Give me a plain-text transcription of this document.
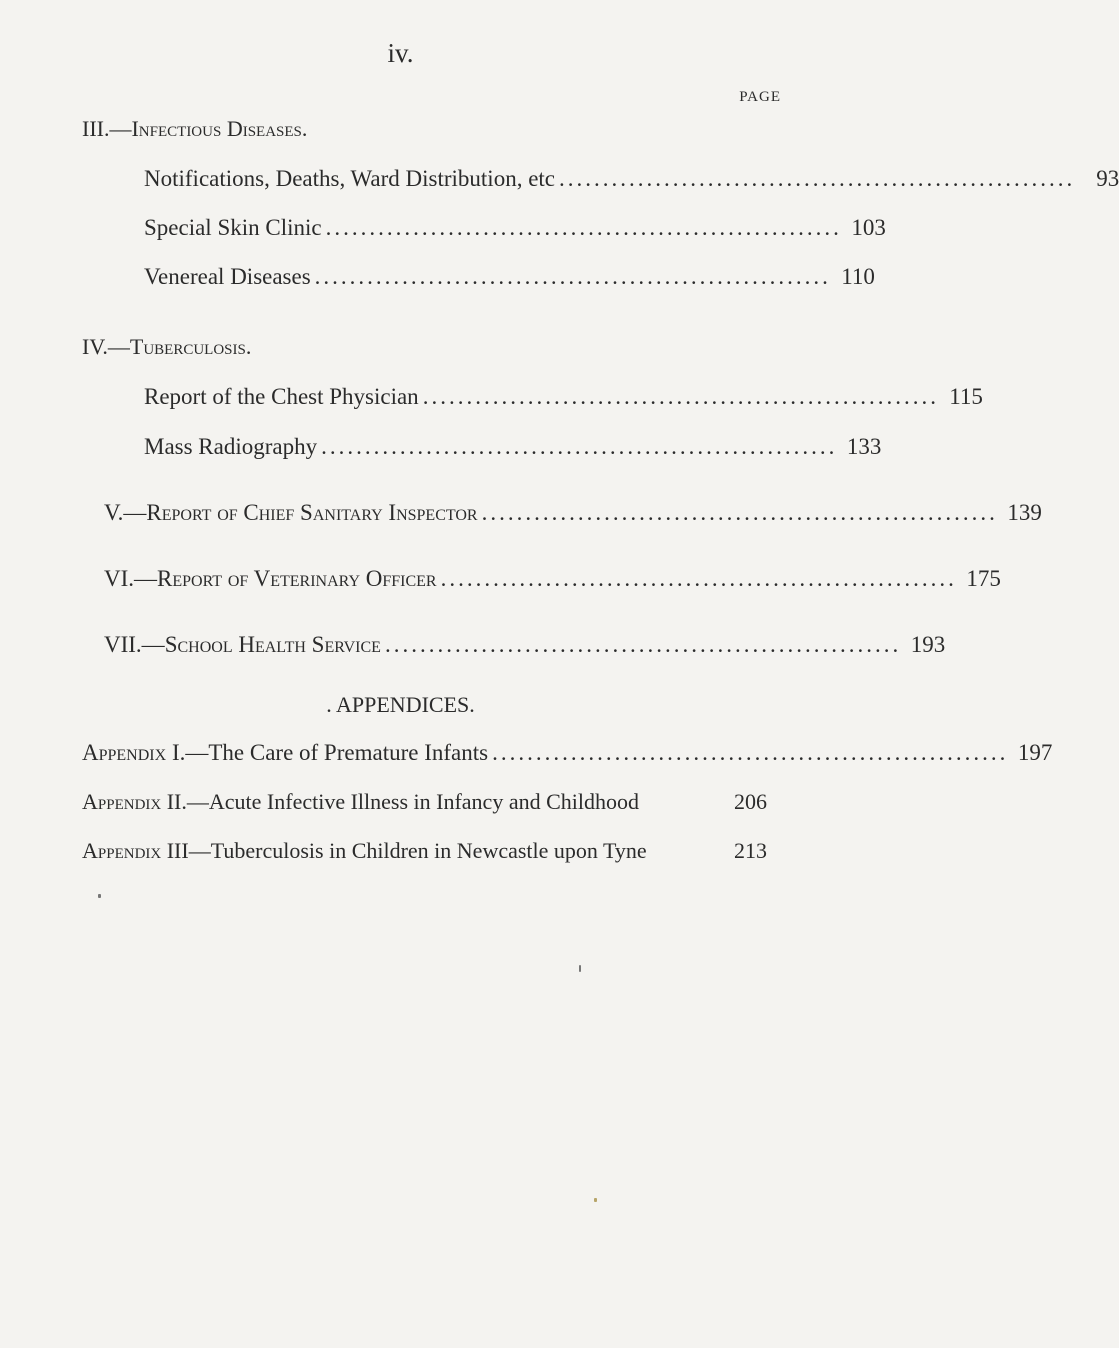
iv.
PAGE
III.—Infectious Diseases.
Notifications, Deaths, Ward Distribution, etc ........................................................... 93
Special Skin Clinic ........................................................... 103
Venereal Diseases ........................................................... 110
IV.—Tuberculosis.
Report of the Chest Physician ........................................................... 115
Mass Radiography ........................................................... 133
V.—Report of Chief Sanitary Inspector ........................................................... 139
VI.—Report of Veterinary Officer ........................................................... 175
VII.—School Health Service ........................................................... 193
. APPENDICES.
Appendix I.—The Care of Premature Infants ........................................................... 197
Appendix II.—Acute Infective Illness in Infancy and Childhood	206
Appendix III—Tuberculosis in Children in Newcastle upon Tyne	213
